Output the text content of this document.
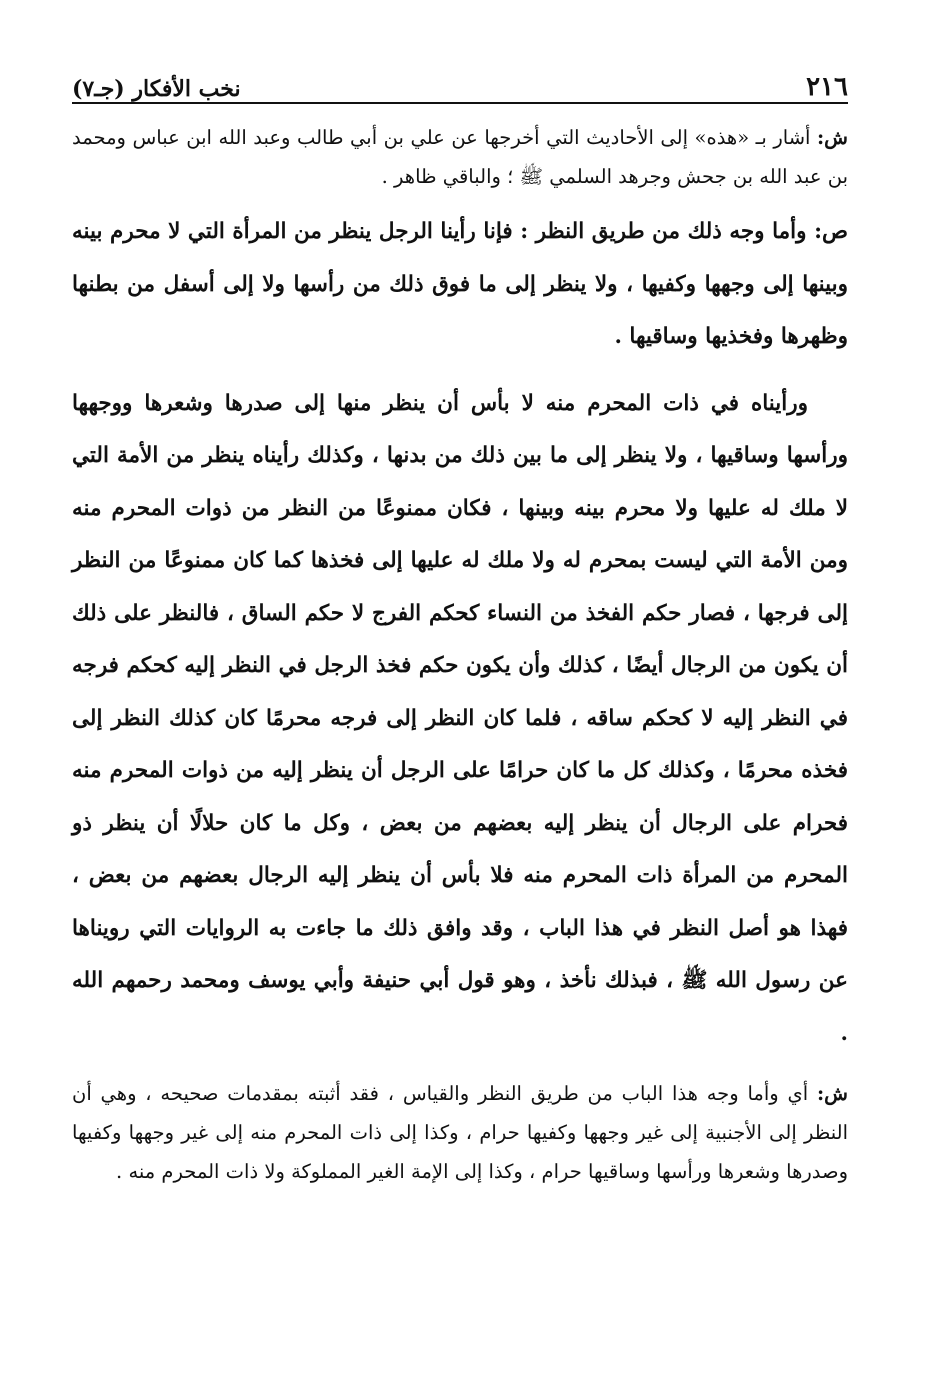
٢١٦
نخب الأفكار (جـ٧)

ش: أشار بـ «هذه» إلى الأحاديث التي أخرجها عن علي بن أبي طالب وعبد الله ابن عباس ومحمد بن عبد الله بن جحش وجرهد السلمي ﷺ ؛ والباقي ظاهر .

ص: وأما وجه ذلك من طريق النظر : فإنا رأينا الرجل ينظر من المرأة التي لا محرم بينه وبينها إلى وجهها وكفيها ، ولا ينظر إلى ما فوق ذلك من رأسها ولا إلى أسفل من بطنها وظهرها وفخذيها وساقيها .

ورأيناه في ذات المحرم منه لا بأس أن ينظر منها إلى صدرها وشعرها ووجهها ورأسها وساقيها ، ولا ينظر إلى ما بين ذلك من بدنها ، وكذلك رأيناه ينظر من الأمة التي لا ملك له عليها ولا محرم بينه وبينها ، فكان ممنوعًا من النظر من ذوات المحرم منه ومن الأمة التي ليست بمحرم له ولا ملك له عليها إلى فخذها كما كان ممنوعًا من النظر إلى فرجها ، فصار حكم الفخذ من النساء كحكم الفرج لا حكم الساق ، فالنظر على ذلك أن يكون من الرجال أيضًا ، كذلك وأن يكون حكم فخذ الرجل في النظر إليه كحكم فرجه في النظر إليه لا كحكم ساقه ، فلما كان النظر إلى فرجه محرمًا كان كذلك النظر إلى فخذه محرمًا ، وكذلك كل ما كان حرامًا على الرجل أن ينظر إليه من ذوات المحرم منه فحرام على الرجال أن ينظر إليه بعضهم من بعض ، وكل ما كان حلالًا أن ينظر ذو المحرم من المرأة ذات المحرم منه فلا بأس أن ينظر إليه الرجال بعضهم من بعض ، فهذا هو أصل النظر في هذا الباب ، وقد وافق ذلك ما جاءت به الروايات التي رويناها عن رسول الله ﷺ ، فبذلك نأخذ ، وهو قول أبي حنيفة وأبي يوسف ومحمد رحمهم الله .

ش: أي وأما وجه هذا الباب من طريق النظر والقياس ، فقد أثبته بمقدمات صحيحه ، وهي أن النظر إلى الأجنبية إلى غير وجهها وكفيها حرام ، وكذا إلى ذات المحرم منه إلى غير وجهها وكفيها وصدرها وشعرها ورأسها وساقيها حرام ، وكذا إلى الإمة الغير المملوكة ولا ذات المحرم منه .
